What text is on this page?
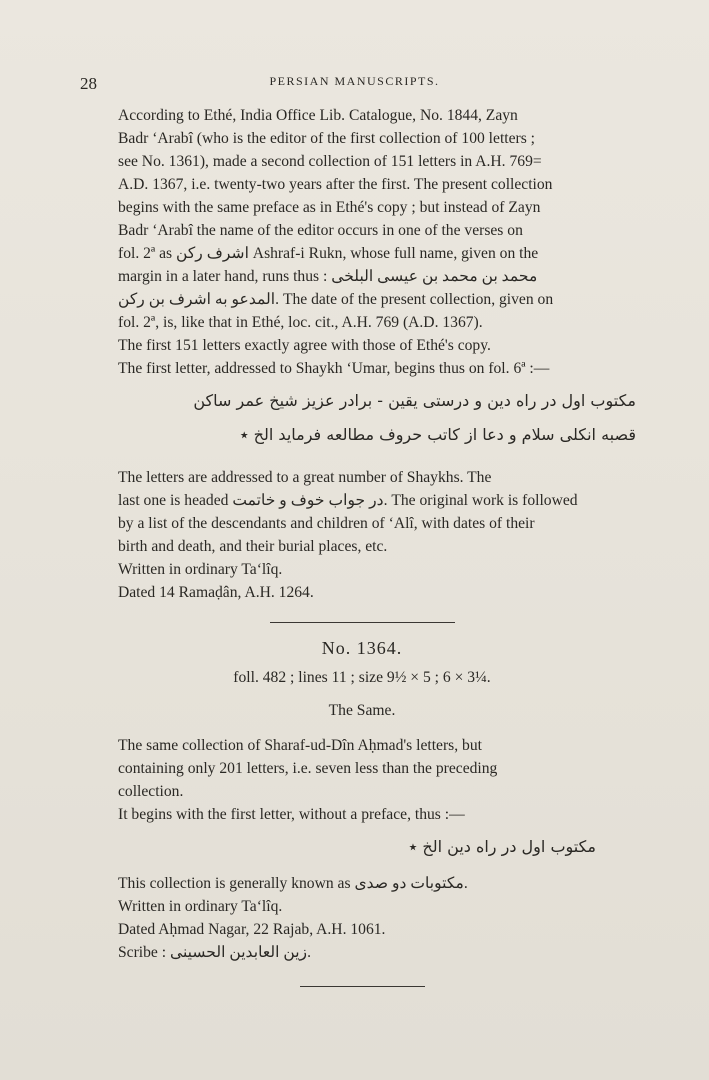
28	PERSIAN MANUSCRIPTS.

According to Ethé, India Office Lib. Catalogue, No. 1844, Zayn
Badr ‘Arabî (who is the editor of the first collection of 100 letters ;
see No. 1361), made a second collection of 151 letters in A.H. 769=
A.D. 1367, i.e. twenty-two years after the first. The present collection
begins with the same preface as in Ethé's copy ; but instead of Zayn
Badr ‘Arabî the name of the editor occurs in one of the verses on
fol. 2ª as اشرف رکن Ashraf-i Rukn, whose full name, given on the
margin in a later hand, runs thus : محمد بن محمد بن عیسی البلخی
المدعو به اشرف بن رکن. The date of the present collection, given on
fol. 2ª, is, like that in Ethé, loc. cit., A.H. 769 (A.D. 1367).

The first 151 letters exactly agree with those of Ethé's copy.
The first letter, addressed to Shaykh ‘Umar, begins thus on fol. 6ª :—

مکتوب اول در راه دین و درستی یقین - برادر عزیز شیخ عمر ساکن
قصبه انکلی سلام و دعا از کاتب حروف مطالعه فرماید الخ ٭

The letters are addressed to a great number of Shaykhs. The
last one is headed در جواب خوف و خاتمت. The original work is followed
by a list of the descendants and children of ‘Alî, with dates of their
birth and death, and their burial places, etc.

Written in ordinary Ta‘lîq.

Dated 14 Ramaḍân, A.H. 1264.

No. 1364.

foll. 482 ; lines 11 ; size 9½ × 5 ; 6 × 3¼.

The Same.

The same collection of Sharaf-ud-Dîn Aḥmad's letters, but
containing only 201 letters, i.e. seven less than the preceding
collection.

It begins with the first letter, without a preface, thus :—

مکتوب اول در راه دین الخ ٭

This collection is generally known as مکتوبات دو صدی.

Written in ordinary Ta‘lîq.

Dated Aḥmad Nagar, 22 Rajab, A.H. 1061.

Scribe : زین العابدین الحسینی.
